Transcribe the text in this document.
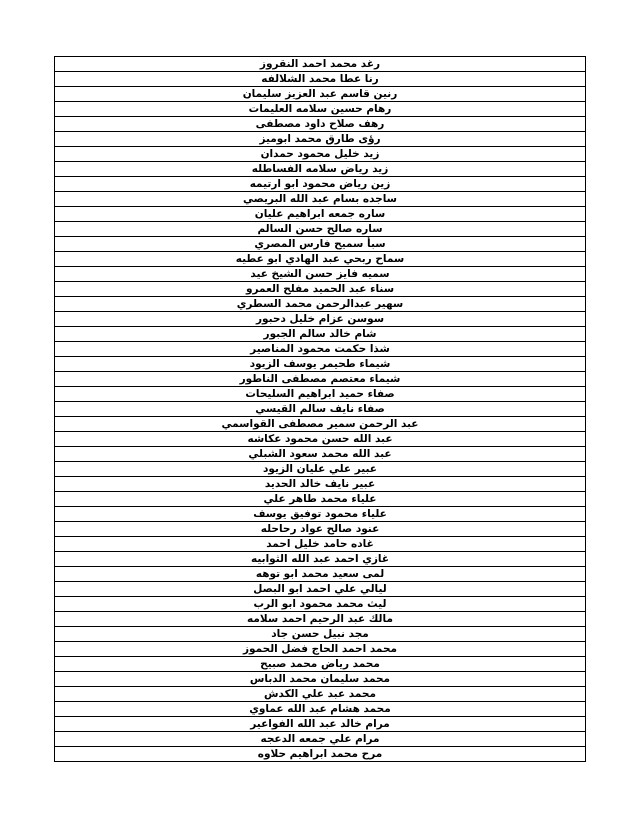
رغد محمد احمد النقروز
رنا عطا محمد الشلالفه
رنين قاسم عبد العزيز سليمان
رهام حسين سلامه العليمات
رهف صلاح داود مصطفى
رؤى طارق محمد ابوميز
زيد خليل محمود حمدان
زيد رياض سلامه الفساطله
زين رياض محمود ابو ارتيمه
ساجده بسام عبد الله البريصي
ساره جمعه ابراهيم عليان
ساره صالح حسن السالم
سبأ سميح فارس المصري
سماح ربحي عبد الهادي ابو عطيه
سميه فايز حسن الشيخ عيد
سناء عبد الحميد مفلح العمرو
سهير عبدالرحمن محمد السطري
سوسن عزام خليل دحبور
شام خالد سالم الجبور
شذا حكمت محمود المناصير
شيماء طحيمر يوسف الزيود
شيماء معتصم مصطفى الناطور
صفاء حميد ابراهيم السليحات
صفاء نايف سالم القيسي
عبد الرحمن سمير مصطفى القواسمي
عبد الله حسن محمود عكاشه
عبد الله محمد سعود الشبلي
عبير علي عليان الزيود
عبير نايف خالد الحديد
علياء محمد طاهر علي
علياء محمود توفيق يوسف
عنود صالح عواد رحاحله
غاده حامد خليل احمد
غازي احمد عبد الله الثوابيه
لمى سعيد محمد ابو توهه
ليالي علي احمد ابو البصل
ليث محمد محمود ابو الرب
مالك عبد الرحيم احمد سلامه
مجد نبيل حسن جاد
محمد احمد الحاج فضل الحموز
محمد رياض محمد صبيح
محمد سليمان محمد الدباس
محمد عبد علي الكدش
محمد هشام عبد الله عماوي
مرام خالد عبد الله الفواعير
مرام علي جمعه الدعجه
مرح محمد ابراهيم حلاوه
